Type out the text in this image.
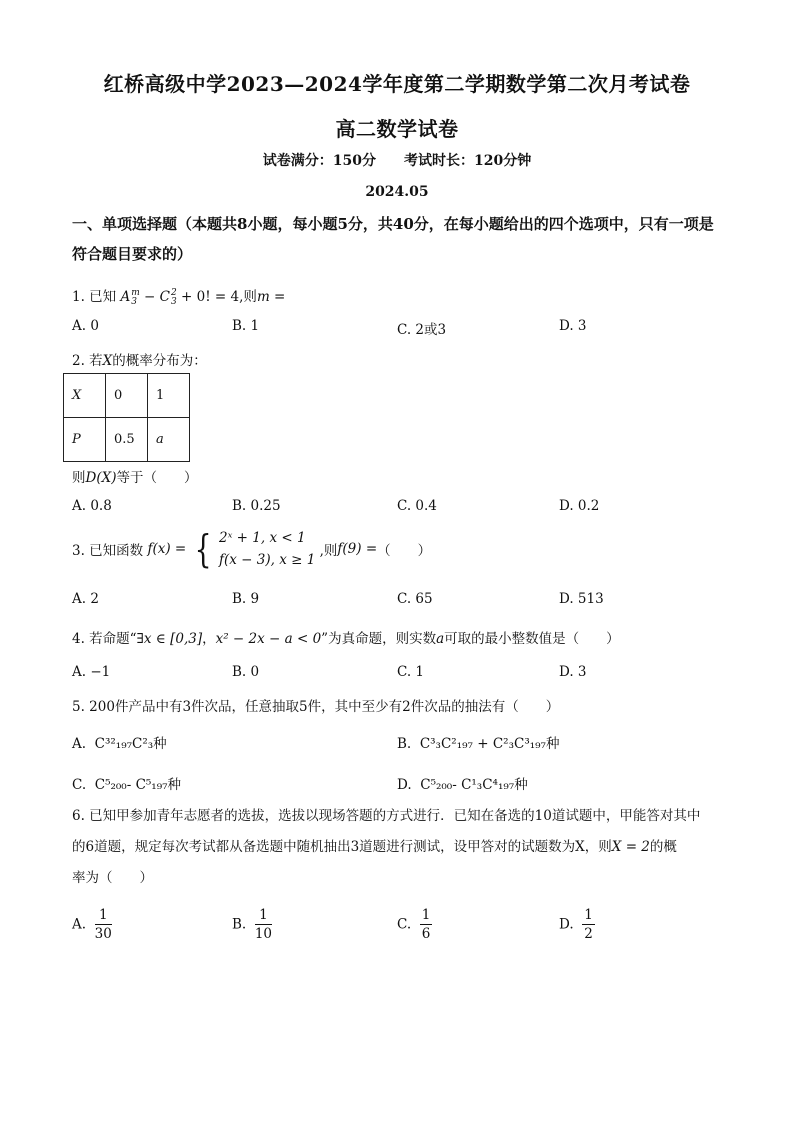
红桥高级中学2023—2024学年度第二学期数学第二次月考试卷
高二数学试卷
试卷满分：150分 考试时长：120分钟
2024.05
一、单项选择题（本题共8小题，每小题5分，共40分，在每小题给出的四个选项中，只有一项是符合题目要求的）
1. 已知 A m
3 − C 2
3 + 0! = 4,则m =
A. 0	B. 1	C. 2或3	D. 3
2. 若X的概率分布为：
X	0	1
P	0.5	a
则D(X)等于（　　）
A. 0.8	B. 0.25	C. 0.4	D. 0.2
3. 已知函数 f(x) = { 2ˣ + 1, x < 1
f(x − 3), x ≥ 1
,则f(9) =（　　）
A. 2	B. 9	C. 65	D. 513
4. 若命题“∃x ∈ [0,3]，x² − 2x − a < 0”为真命题，则实数a可取的最小整数值是（　　）
A. −1	B. 0	C. 1	D. 3
5. 200件产品中有3件次品，任意抽取5件，其中至少有2件次品的抽法有（　　）
A. C³²₁₉₇C²₃种	B. C³₃C²₁₉₇ + C²₃C³₁₉₇种
C. C⁵₂₀₀- C⁵₁₉₇种	D. C⁵₂₀₀- C¹₃C⁴₁₉₇种
6. 已知甲参加青年志愿者的选拔，选拔以现场答题的方式进行．已知在备选的10道试题中，甲能答对其中
的6道题，规定每次考试都从备选题中随机抽出3道题进行测试，设甲答对的试题数为X，则X = 2的概
率为（　　）
A. $\frac{1}{30}$	B. $\frac{1}{10}$	C. $\frac{1}{6}$	D. $\frac{1}{2}$
